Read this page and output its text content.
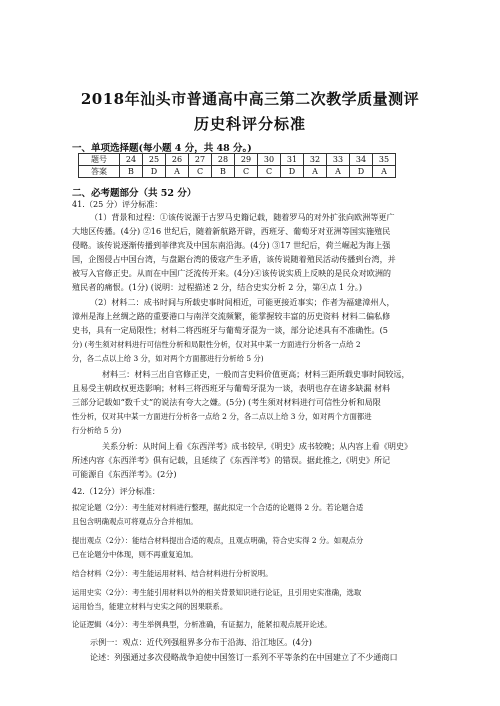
2018年汕头市普通高中高三第二次教学质量测评
历史科评分标准
一、单项选择题(每小题 4 分，共 48 分。)
题号	24	25	26	27	28	29	30	31	32	33	34	35
答案	B	D	A	C	B	C	C	D	A	A	D	A
二、必考题部分（共 52 分）
41.（25 分）评分标准：
（1）背景和过程：①该传说源于古罗马史籍记载，随着罗马的对外扩张向欧洲等更广
大地区传播。(4分) ②16 世纪后，随着新航路开辟，西班牙、葡萄牙对亚洲等国实施殖民
侵略。该传说逐渐传播到菲律宾及中国东南沿海。(4分) ③17 世纪后，荷兰崛起为海上强
国，企图侵占中国台湾，与盘踞台湾的倭寇产生矛盾，该传说随着殖民活动传播到台湾，并
被写入官修正史。从而在中国广泛流传开来。(4分)④该传说实质上反映的是民众对欧洲的
殖民者的痛恨。(1分) (说明：过程描述 2 分，结合史实分析 2 分，第④点 1 分。)
（2）材料二：成书时间与所载史事时间相近，可能更接近事实；作者为福建漳州人，
漳州是海上丝绸之路的重要港口与南洋交流频繁，能掌握较丰富的历史资料 材料二偏私修
史书，具有一定局限性；材料二将西班牙与葡萄牙混为一谈，部分论述具有不准确性。(5
分) (考生须对材料进行可信性分析和局限性分析，仅对其中某一方面进行分析各一点给 2
分，各二点以上给 3 分，如对两个方面都进行分析给 5 分)
材料三：材料三出自官修正史，一般而言史料价值更高；材料三距所载史事时间较远，
且易受主朝政权更迭影响；材料三将西班牙与葡萄牙混为一谈，表明也存在诸多缺漏 材料
三部分记载如“数千丈”的说法有夸大之嫌。(5分) (考生须对材料进行可信性分析和局限
性分析，仅对其中某一方面进行分析各一点给 2 分，各二点以上给 3 分，如对两个方面都进
行分析给 5 分)
关系分析：从时间上看《东西洋考》成书较早,《明史》成书较晚；从内容上看《明史》
所述内容《东西洋考》俱有记载，且延续了《东西洋考》的错误。据此推之,《明史》所记
可能源自《东西洋考》。(2分)
42.（12分）评分标准：
拟定论题（2分）：考生能对材料进行整理，据此拟定一个合适的论题得 2 分。若论题合适
且包含明确观点可将观点分合并相加。
提出观点（2分）：能结合材料提出合适的观点，且观点明确，符合史实得 2 分。如观点分
已在论题分中体现，则不再重复追加。
结合材料（2分）：考生能运用材料、结合材料进行分析说明。
运用史实（2分）：考生能引用材料以外的相关背景知识进行论证，且引用史实准确，选取
运用恰当，能建立材料与史实之间的因果联系。
论证逻辑（4分）：考生举例典型，分析准确，有证据力，能紧扣观点展开论述。
示例一：观点：近代列强租界多分布于沿海、沿江地区。(4分)
论述：列强通过多次侵略战争迫使中国签订一系列不平等条约在中国建立了不少通商口
